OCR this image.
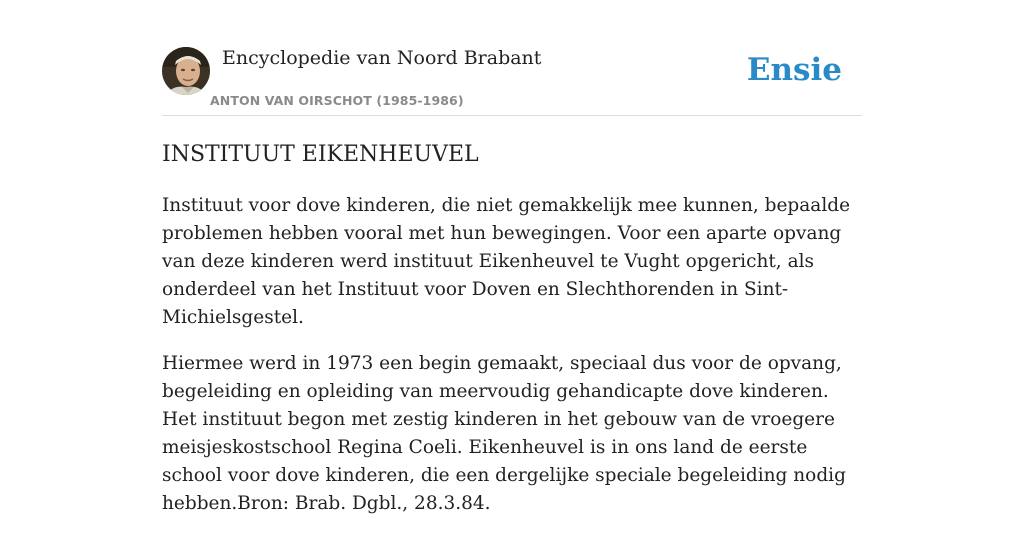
Encyclopedie van Noord Brabant
ANTON VAN OIRSCHOT (1985-1986)
Ensie
INSTITUUT EIKENHEUVEL

Instituut voor dove kinderen, die niet gemakkelijk mee kunnen, bepaalde problemen hebben vooral met hun bewegingen. Voor een aparte opvang van deze kinderen werd instituut Eikenheuvel te Vught opgericht, als onderdeel van het Instituut voor Doven en Slechthorenden in Sint-Michielsgestel.

Hiermee werd in 1973 een begin gemaakt, speciaal dus voor de opvang, begeleiding en opleiding van meervoudig gehandicapte dove kinderen. Het instituut begon met zestig kinderen in het gebouw van de vroegere meisjeskostschool Regina Coeli. Eikenheuvel is in ons land de eerste school voor dove kinderen, die een dergelijke speciale begeleiding nodig hebben.Bron: Brab. Dgbl., 28.3.84.
